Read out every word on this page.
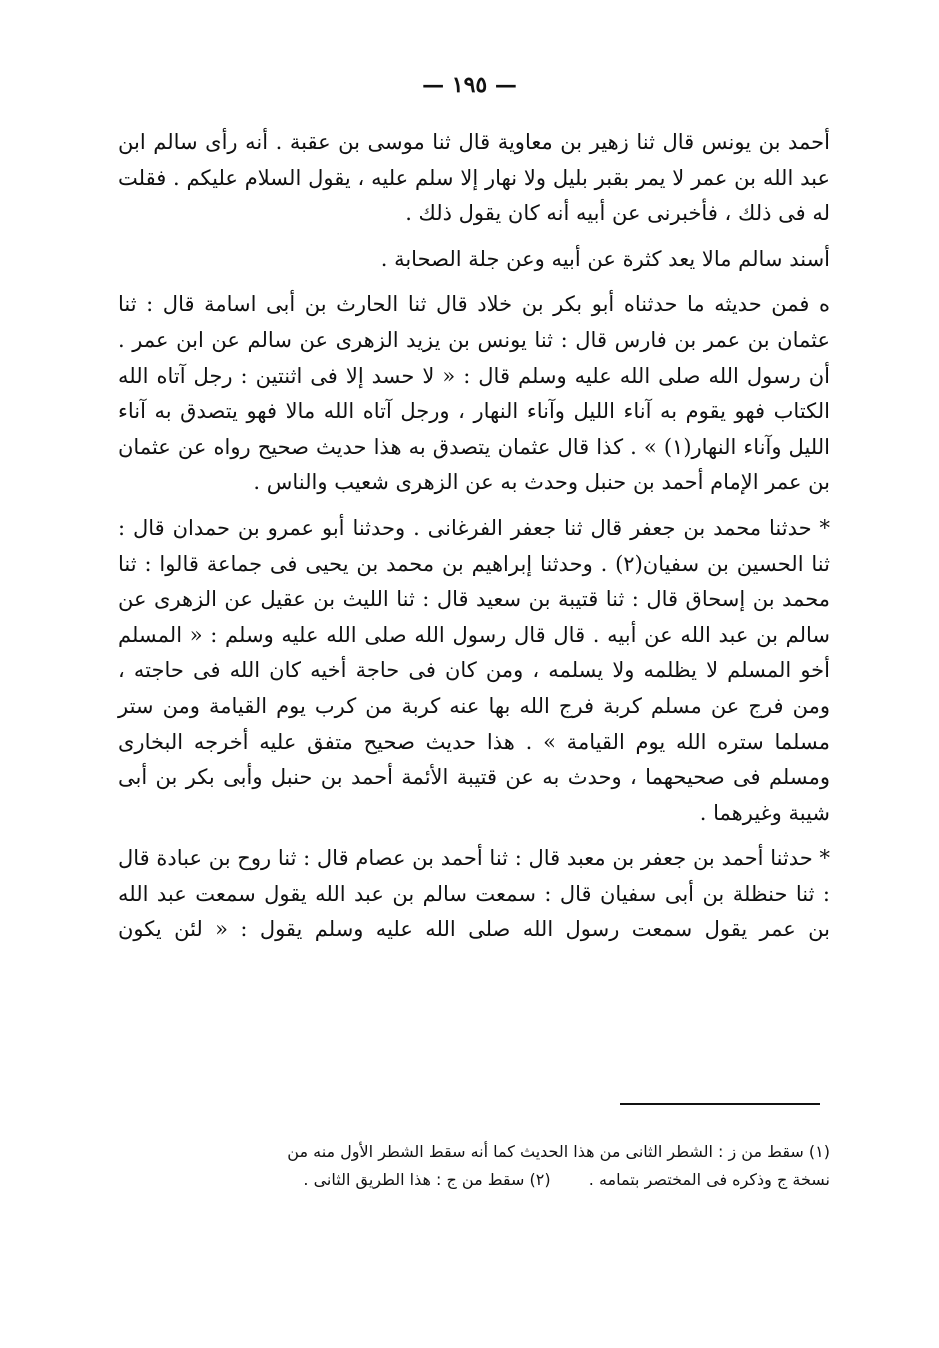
— ١٩٥ —

أحمد بن يونس قال ثنا زهير بن معاوية قال ثنا موسى بن عقبة . أنه رأى سالم ابن عبد الله بن عمر لا يمر بقبر بليل ولا نهار إلا سلم عليه ، يقول السلام عليكم . فقلت له فى ذلك ، فأخبرنى عن أبيه أنه كان يقول ذلك .

أسند سالم مالا يعد كثرة عن أبيه وعن جلة الصحابة .

ه فمن حديثه ما حدثناه أبو بكر بن خلاد قال ثنا الحارث بن أبى اسامة قال : ثنا عثمان بن عمر بن فارس قال : ثنا يونس بن يزيد الزهرى عن سالم عن ابن عمر . أن رسول الله صلى الله عليه وسلم قال : « لا حسد إلا فى اثنتين : رجل آتاه الله الكتاب فهو يقوم به آناء الليل وآناء النهار ، ورجل آتاه الله مالا فهو يتصدق به آناء الليل وآناء النهار(١) » . كذا قال عثمان يتصدق به هذا حديث صحيح رواه عن عثمان بن عمر الإمام أحمد بن حنبل وحدث به عن الزهرى شعيب والناس .

* حدثنا محمد بن جعفر قال ثنا جعفر الفرغانى . وحدثنا أبو عمرو بن حمدان قال : ثنا الحسين بن سفيان(٢) . وحدثنا إبراهيم بن محمد بن يحيى فى جماعة قالوا : ثنا محمد بن إسحاق قال : ثنا قتيبة بن سعيد قال : ثنا الليث بن عقيل عن الزهرى عن سالم بن عبد الله عن أبيه . قال قال رسول الله صلى الله عليه وسلم : « المسلم أخو المسلم لا يظلمه ولا يسلمه ، ومن كان فى حاجة أخيه كان الله فى حاجته ، ومن فرج عن مسلم كربة فرج الله بها عنه كربة من كرب يوم القيامة ومن ستر مسلما ستره الله يوم القيامة » . هذا حديث صحيح متفق عليه أخرجه البخارى ومسلم فى صحيحهما ، وحدث به عن قتيبة الأئمة أحمد بن حنبل وأبى بكر بن أبى شيبة وغيرهما .

* حدثنا أحمد بن جعفر بن معبد قال : ثنا أحمد بن عصام قال : ثنا روح بن عبادة قال : ثنا حنظلة بن أبى سفيان قال : سمعت سالم بن عبد الله يقول سمعت عبد الله بن عمر يقول سمعت رسول الله صلى الله عليه وسلم يقول : « لئن يكون

(١) سقط من ز : الشطر الثانى من هذا الحديث كما أنه سقط الشطر الأول منه من
نسخة ج وذكره فى المختصر بتمامه .  (٢) سقط من ج : هذا الطريق الثانى .
